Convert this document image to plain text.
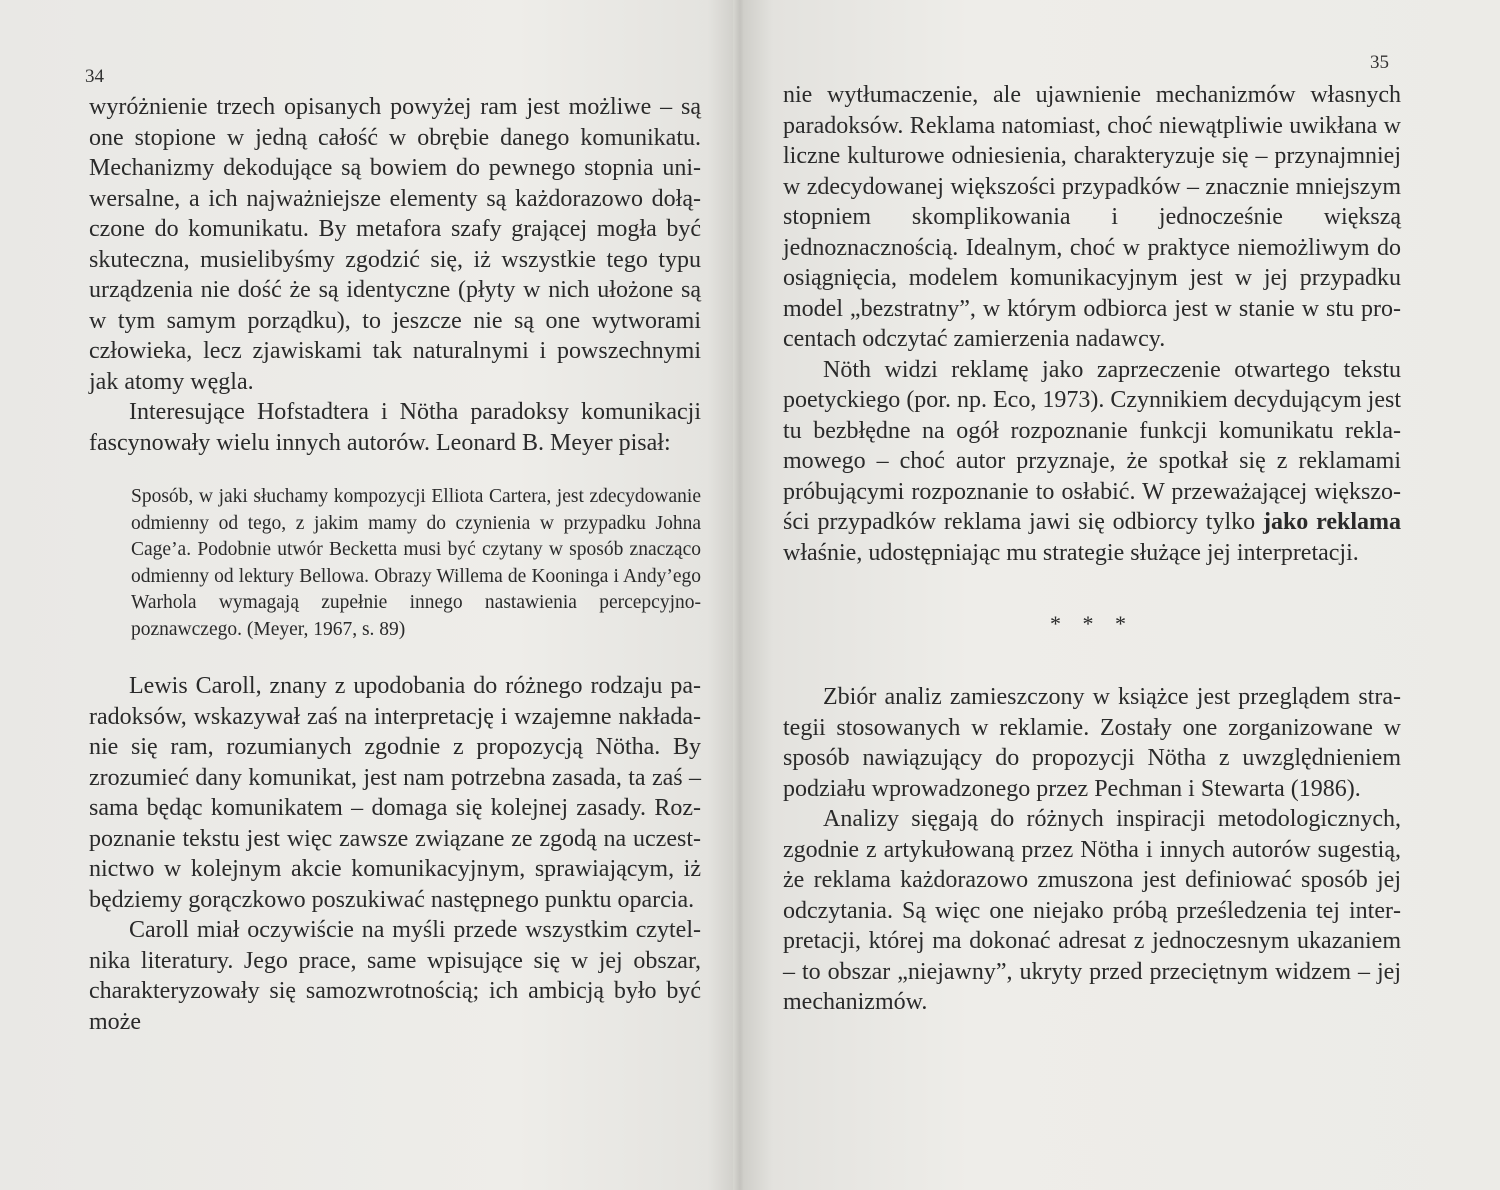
34

wyróżnienie trzech opisanych powyżej ram jest możliwe – są one stopione w jedną całość w obrębie danego komunikatu. Mechanizmy dekodujące są bowiem do pewnego stopnia uniwersalne, a ich najważniejsze elementy są każdorazowo dołączone do komunikatu. By metafora szafy grającej mogła być skuteczna, musielibyśmy zgodzić się, iż wszystkie tego typu urządzenia nie dość że są identyczne (płyty w nich ułożone są w tym samym porządku), to jeszcze nie są one wytworami człowieka, lecz zjawiskami tak naturalnymi i powszechnymi jak atomy węgla.

Interesujące Hofstadtera i Nötha paradoksy komunikacji fascynowały wielu innych autorów. Leonard B. Meyer pisał:

Sposób, w jaki słuchamy kompozycji Elliota Cartera, jest zdecydowanie odmienny od tego, z jakim mamy do czynienia w przypadku Johna Cage’a. Podobnie utwór Becketta musi być czytany w sposób znacząco odmienny od lektury Bellowa. Obrazy Willema de Kooninga i Andy’ego Warhola wymagają zupełnie innego nastawienia percepcyjno-poznawczego. (Meyer, 1967, s. 89)

Lewis Caroll, znany z upodobania do różnego rodzaju paradoksów, wskazywał zaś na interpretację i wzajemne nakładanie się ram, rozumianych zgodnie z propozycją Nötha. By zrozumieć dany komunikat, jest nam potrzebna zasada, ta zaś – sama będąc komunikatem – domaga się kolejnej zasady. Rozpoznanie tekstu jest więc zawsze związane ze zgodą na uczestnictwo w kolejnym akcie komunikacyjnym, sprawiającym, iż będziemy gorączkowo poszukiwać następnego punktu oparcia.

Caroll miał oczywiście na myśli przede wszystkim czytelnika literatury. Jego prace, same wpisujące się w jej obszar, charakteryzowały się samozwrotnością; ich ambicją było być może

35

nie wytłumaczenie, ale ujawnienie mechanizmów własnych paradoksów. Reklama natomiast, choć niewątpliwie uwikłana w liczne kulturowe odniesienia, charakteryzuje się – przynajmniej w zdecydowanej większości przypadków – znacznie mniejszym stopniem skomplikowania i jednocześnie większą jednoznacznością. Idealnym, choć w praktyce niemożliwym do osiągnięcia, modelem komunikacyjnym jest w jej przypadku model „bezstratny”, w którym odbiorca jest w stanie w stu procentach odczytać zamierzenia nadawcy.

Nöth widzi reklamę jako zaprzeczenie otwartego tekstu poetyckiego (por. np. Eco, 1973). Czynnikiem decydującym jest tu bezbłędne na ogół rozpoznanie funkcji komunikatu reklamowego – choć autor przyznaje, że spotkał się z reklamami próbującymi rozpoznanie to osłabić. W przeważającej większości przypadków reklama jawi się odbiorcy tylko jako reklama właśnie, udostępniając mu strategie służące jej interpretacji.

* * *

Zbiór analiz zamieszczony w książce jest przeglądem strategii stosowanych w reklamie. Zostały one zorganizowane w sposób nawiązujący do propozycji Nötha z uwzględnieniem podziału wprowadzonego przez Pechman i Stewarta (1986).

Analizy sięgają do różnych inspiracji metodologicznych, zgodnie z artykułowaną przez Nötha i innych autorów sugestią, że reklama każdorazowo zmuszona jest definiować sposób jej odczytania. Są więc one niejako próbą prześledzenia tej interpretacji, której ma dokonać adresat z jednoczesnym ukazaniem – to obszar „niejawny”, ukryty przed przeciętnym widzem – jej mechanizmów.
